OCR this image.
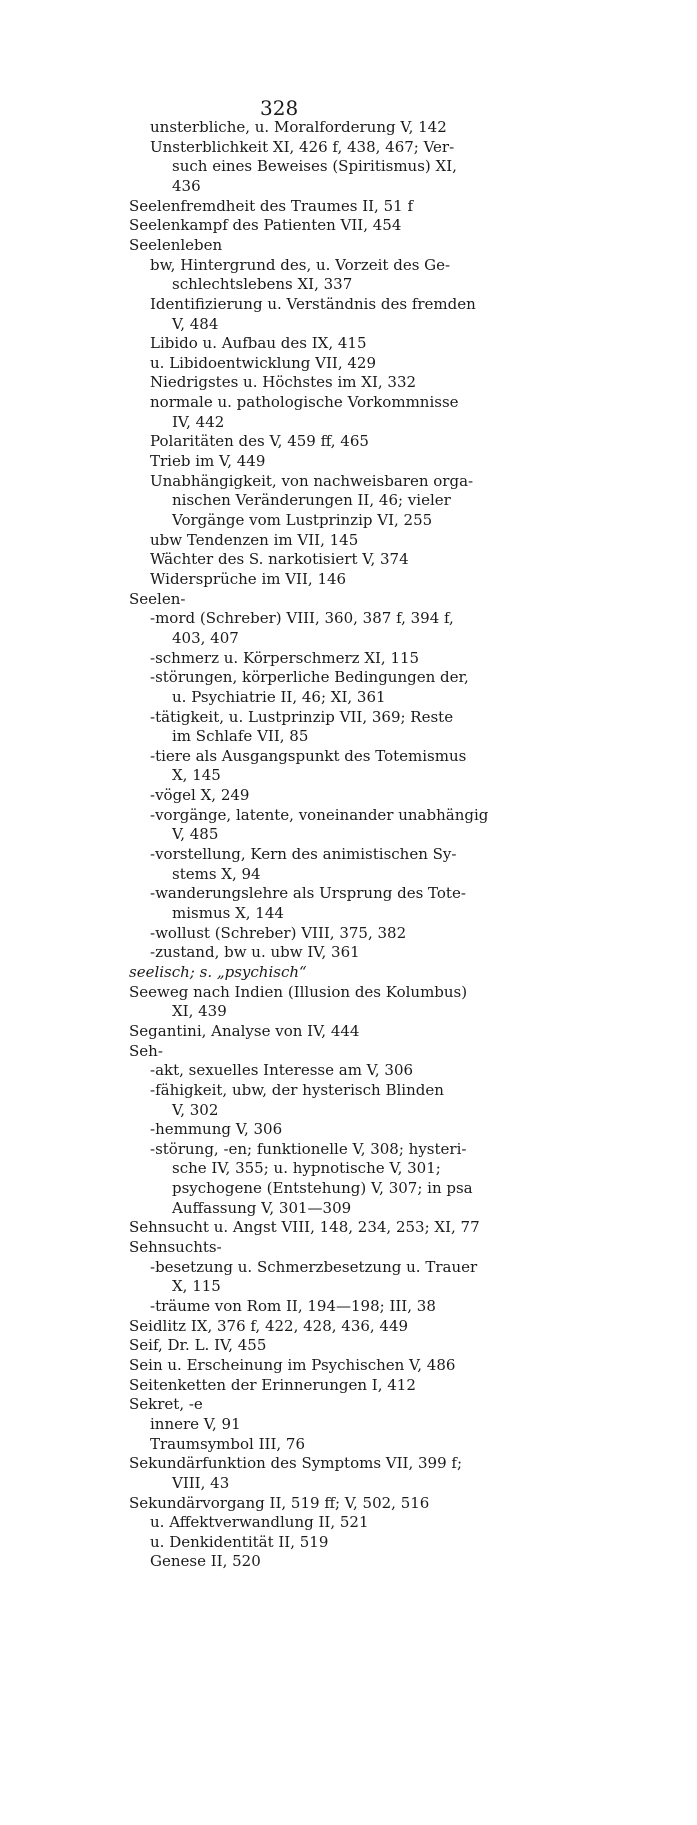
328
unsterbliche, u. Moralforderung V, 142
Unsterblichkeit XI, 426 f, 438, 467; Ver-
such eines Beweises (Spiritismus) XI,
436
Seelenfremdheit des Traumes II, 51 f
Seelenkampf des Patienten VII, 454
Seelenleben
bw, Hintergrund des, u. Vorzeit des Ge-
schlechtslebens XI, 337
Identifizierung u. Verständnis des fremden
V, 484
Libido u. Aufbau des IX, 415
u. Libidoentwicklung VII, 429
Niedrigstes u. Höchstes im XI, 332
normale u. pathologische Vorkommnisse
IV, 442
Polaritäten des V, 459 ff, 465
Trieb im V, 449
Unabhängigkeit, von nachweisbaren orga-
nischen Veränderungen II, 46; vieler
Vorgänge vom Lustprinzip VI, 255
ubw Tendenzen im VII, 145
Wächter des S. narkotisiert V, 374
Widersprüche im VII, 146
Seelen-
-mord (Schreber) VIII, 360, 387 f, 394 f,
403, 407
-schmerz u. Körperschmerz XI, 115
-störungen, körperliche Bedingungen der,
u. Psychiatrie II, 46; XI, 361
-tätigkeit, u. Lustprinzip VII, 369; Reste
im Schlafe VII, 85
-tiere als Ausgangspunkt des Totemismus
X, 145
-vögel X, 249
-vorgänge, latente, voneinander unabhängig
V, 485
-vorstellung, Kern des animistischen Sy-
stems X, 94
-wanderungslehre als Ursprung des Tote-
mismus X, 144
-wollust (Schreber) VIII, 375, 382
-zustand, bw u. ubw IV, 361
seelisch; s. „psychisch“
Seeweg nach Indien (Illusion des Kolumbus)
XI, 439
Segantini, Analyse von IV, 444
Seh-
-akt, sexuelles Interesse am V, 306
-fähigkeit, ubw, der hysterisch Blinden
V, 302
-hemmung V, 306
-störung, -en; funktionelle V, 308; hysteri-
sche IV, 355; u. hypnotische V, 301;
psychogene (Entstehung) V, 307; in psa
Auffassung V, 301—309
Sehnsucht u. Angst VIII, 148, 234, 253; XI, 77
Sehnsuchts-
-besetzung u. Schmerzbesetzung u. Trauer
X, 115
-träume von Rom II, 194—198; III, 38
Seidlitz IX, 376 f, 422, 428, 436, 449
Seif, Dr. L. IV, 455
Sein u. Erscheinung im Psychischen V, 486
Seitenketten der Erinnerungen I, 412
Sekret, -e
innere V, 91
Traumsymbol III, 76
Sekundärfunktion des Symptoms VII, 399 f;
VIII, 43
Sekundärvorgang II, 519 ff; V, 502, 516
u. Affektverwandlung II, 521
u. Denkidentität II, 519
Genese II, 520
